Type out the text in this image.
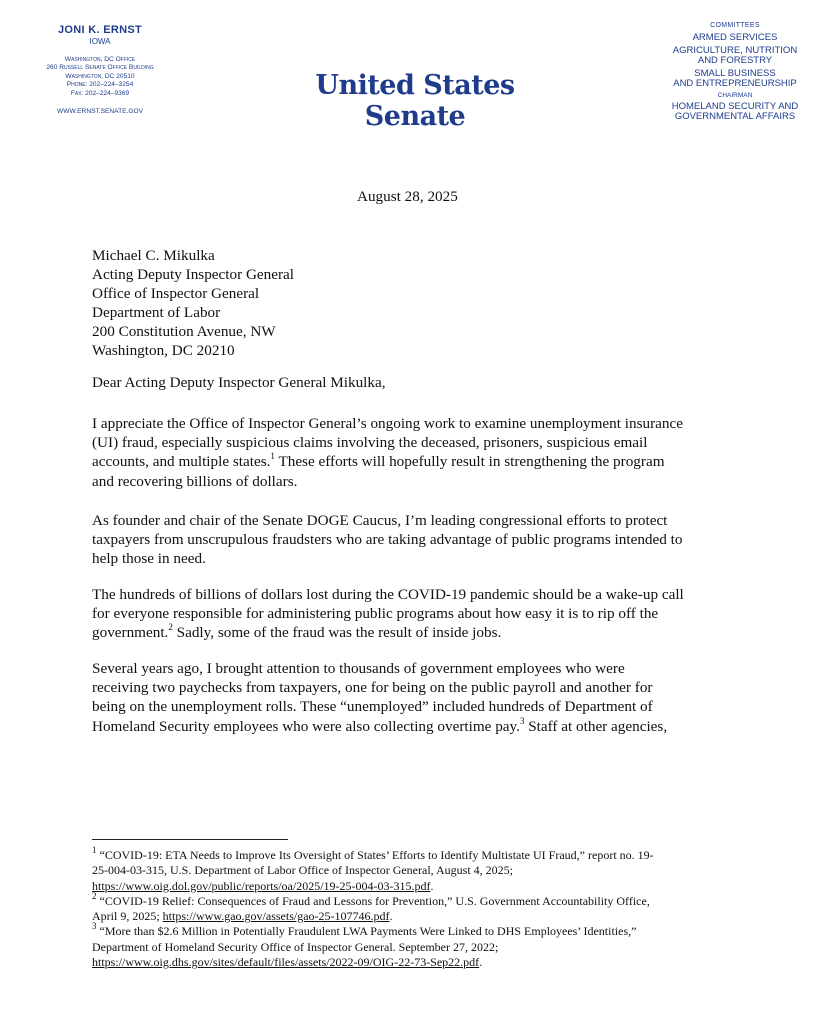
JONI K. ERNST
IOWA
Washington, DC Office
260 Russell Senate Office Building
Washington, DC 20510
Phone: 202–224–3254
Fax: 202–224–9369
WWW.ERNST.SENATE.GOV
United States Senate
COMMITTEES
ARMED SERVICES
AGRICULTURE, NUTRITION
AND FORESTRY
SMALL BUSINESS
AND ENTREPRENEURSHIP
CHAIRMAN
HOMELAND SECURITY AND
GOVERNMENTAL AFFAIRS
August 28, 2025
Michael C. Mikulka
Acting Deputy Inspector General
Office of Inspector General
Department of Labor
200 Constitution Avenue, NW
Washington, DC 20210
Dear Acting Deputy Inspector General Mikulka,
I appreciate the Office of Inspector General’s ongoing work to examine unemployment insurance
(UI) fraud, especially suspicious claims involving the deceased, prisoners, suspicious email
accounts, and multiple states.$^1$ These efforts will hopefully result in strengthening the program
and recovering billions of dollars.
As founder and chair of the Senate DOGE Caucus, I’m leading congressional efforts to protect
taxpayers from unscrupulous fraudsters who are taking advantage of public programs intended to
help those in need.
The hundreds of billions of dollars lost during the COVID-19 pandemic should be a wake-up call
for everyone responsible for administering public programs about how easy it is to rip off the
government.$^2$ Sadly, some of the fraud was the result of inside jobs.
Several years ago, I brought attention to thousands of government employees who were
receiving two paychecks from taxpayers, one for being on the public payroll and another for
being on the unemployment rolls. These “unemployed” included hundreds of Department of
Homeland Security employees who were also collecting overtime pay.$^3$ Staff at other agencies,
$^1$ “COVID-19: ETA Needs to Improve Its Oversight of States’ Efforts to Identify Multistate UI Fraud,” report no. 19-
25-004-03-315, U.S. Department of Labor Office of Inspector General, August 4, 2025;
https://www.oig.dol.gov/public/reports/oa/2025/19-25-004-03-315.pdf.
$^2$ “COVID-19 Relief: Consequences of Fraud and Lessons for Prevention,” U.S. Government Accountability Office,
April 9, 2025; https://www.gao.gov/assets/gao-25-107746.pdf.
$^3$ “More than $2.6 Million in Potentially Fraudulent LWA Payments Were Linked to DHS Employees’ Identities,”
Department of Homeland Security Office of Inspector General. September 27, 2022;
https://www.oig.dhs.gov/sites/default/files/assets/2022-09/OIG-22-73-Sep22.pdf.
